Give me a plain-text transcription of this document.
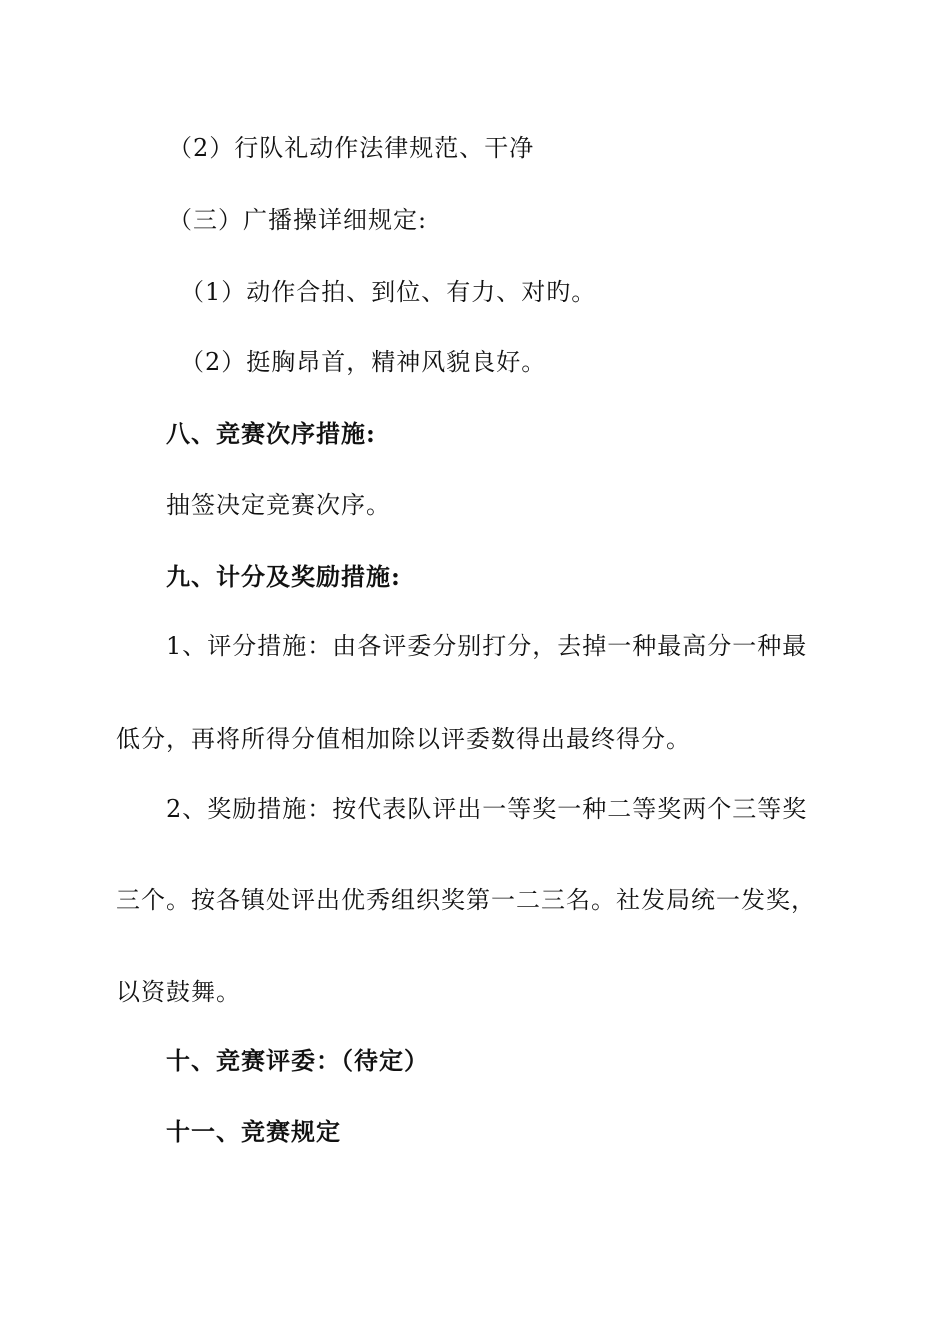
（2）行队礼动作法律规范、干净
（三）广播操详细规定:
（1）动作合拍、到位、有力、对旳。
（2）挺胸昂首，精神风貌良好。
八、竞赛次序措施:
抽签决定竞赛次序。
九、计分及奖励措施:
1、评分措施：由各评委分别打分，去掉一种最高分一种最
低分，再将所得分值相加除以评委数得出最终得分。
2、奖励措施：按代表队评出一等奖一种二等奖两个三等奖
三个。按各镇处评出优秀组织奖第一二三名。社发局统一发奖，
以资鼓舞。
十、竞赛评委：（待定）
十一、竞赛规定
